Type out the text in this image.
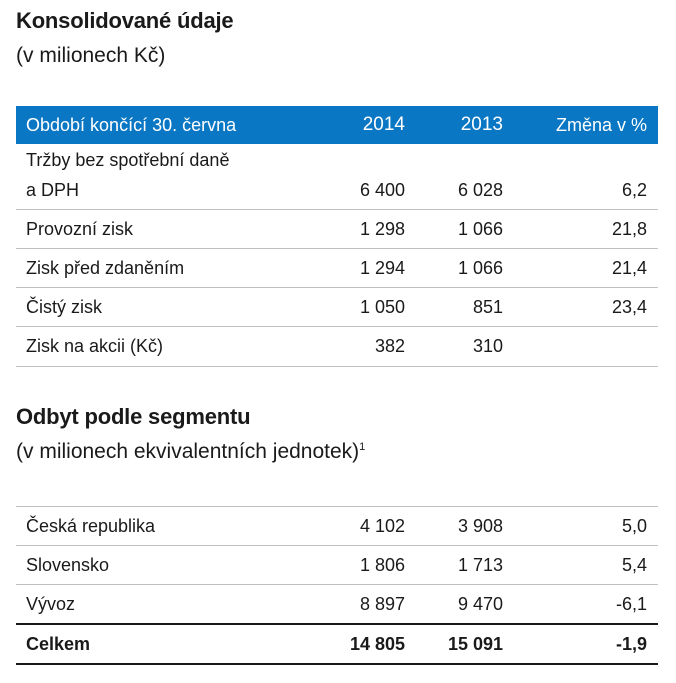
Konsolidované údaje
(v milionech Kč)
Období končící 30. června	2014	2013	Změna v %
Tržby bez spotřební daně
a DPH	6 400	6 028	6,2
Provozní zisk	1 298	1 066	21,8
Zisk před zdaněním	1 294	1 066	21,4
Čistý zisk	1 050	851	23,4
Zisk na akcii (Kč)	382	310
Odbyt podle segmentu
(v milionech ekvivalentních jednotek)$^1$
Česká republika	4 102	3 908	5,0
Slovensko	1 806	1 713	5,4
Vývoz	8 897	9 470	-6,1
Celkem	14 805	15 091	-1,9
